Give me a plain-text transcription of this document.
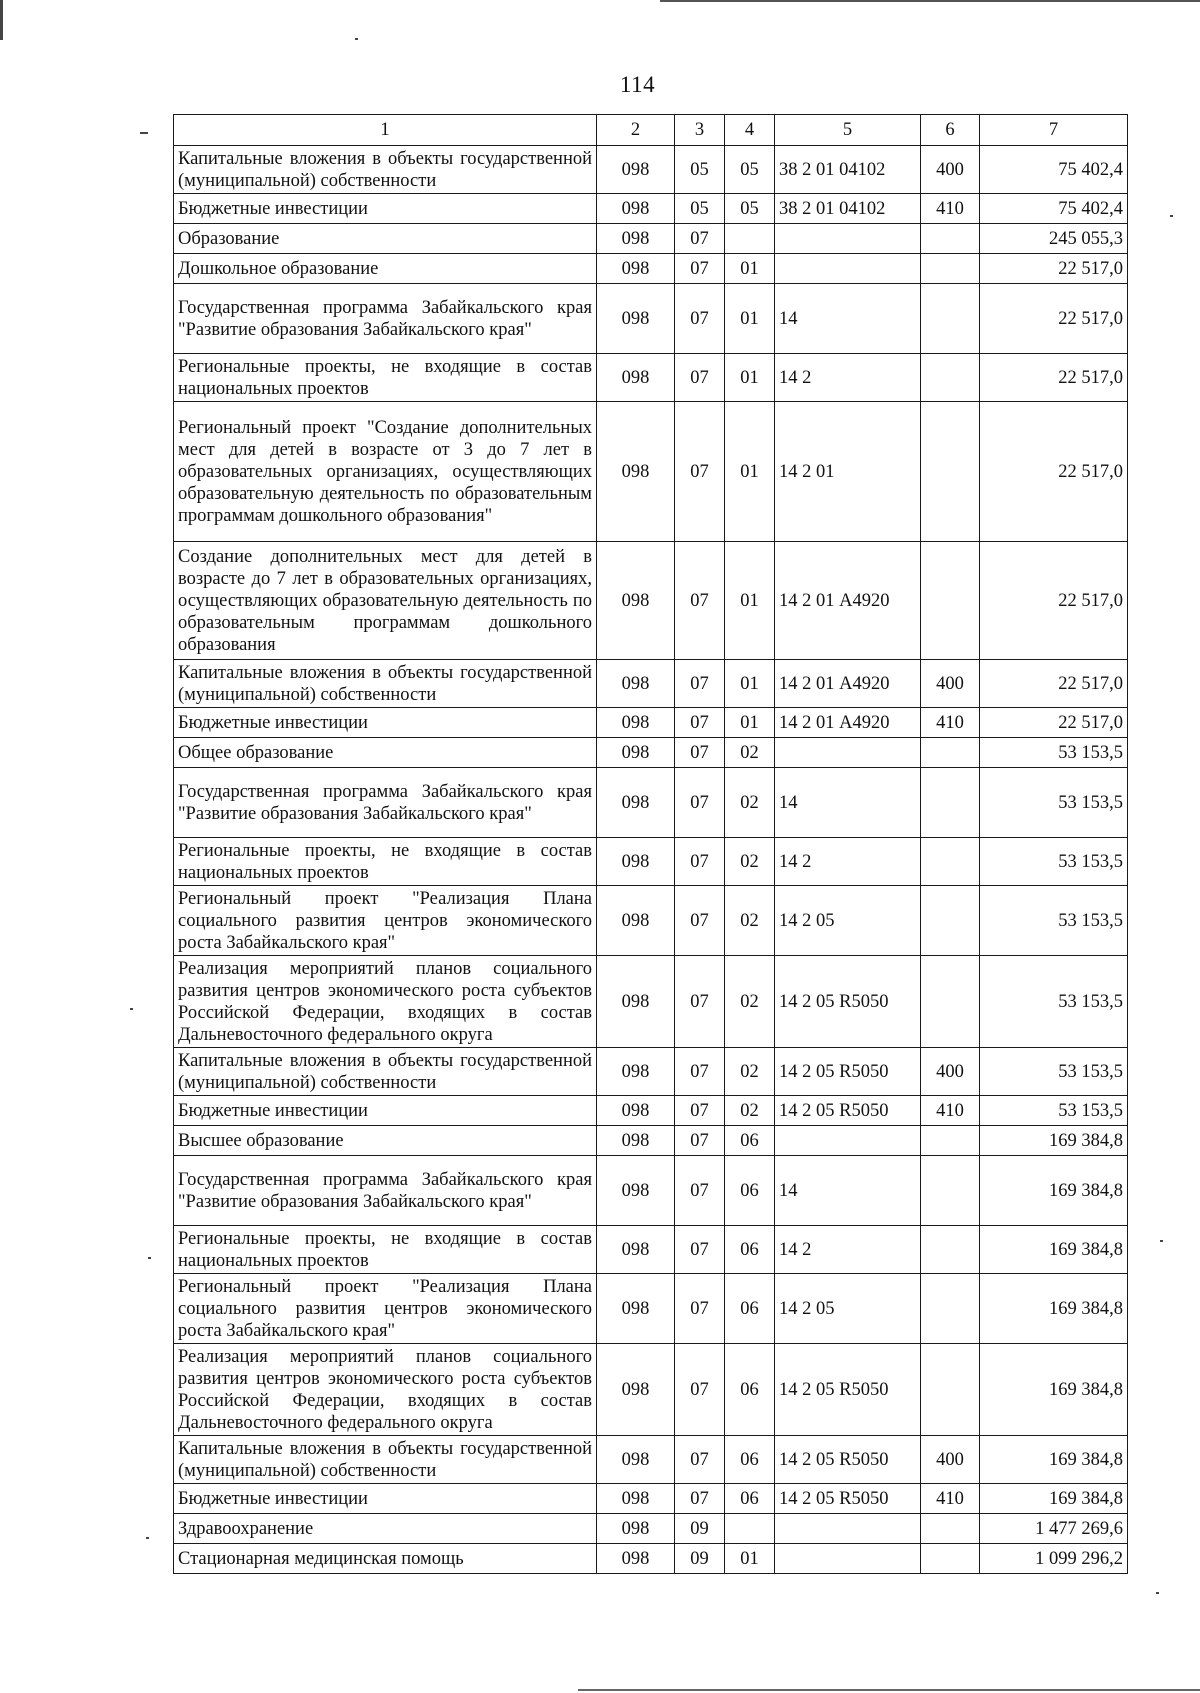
114
1	2	3	4	5	6	7
Капитальные вложения в объекты государственной (муниципальной) собственности	098	05	05	38 2 01 04102	400	75 402,4
Бюджетные инвестиции	098	05	05	38 2 01 04102	410	75 402,4
Образование	098	07				245 055,3
Дошкольное образование	098	07	01			22 517,0
Государственная программа Забайкальского края "Развитие образования Забайкальского края"	098	07	01	14		22 517,0
Региональные проекты, не входящие в состав национальных проектов	098	07	01	14 2		22 517,0
Региональный проект "Создание дополнительных мест для детей в возрасте от 3 до 7 лет в образовательных организациях, осуществляющих образовательную деятельность по образовательным программам дошкольного образования"	098	07	01	14 2 01		22 517,0
Создание дополнительных мест для детей в возрасте до 7 лет в образовательных организациях, осуществляющих образовательную деятельность по образовательным программам дошкольного образования	098	07	01	14 2 01 А4920		22 517,0
Капитальные вложения в объекты государственной (муниципальной) собственности	098	07	01	14 2 01 А4920	400	22 517,0
Бюджетные инвестиции	098	07	01	14 2 01 А4920	410	22 517,0
Общее образование	098	07	02			53 153,5
Государственная программа Забайкальского края "Развитие образования Забайкальского края"	098	07	02	14		53 153,5
Региональные проекты, не входящие в состав национальных проектов	098	07	02	14 2		53 153,5
Региональный проект "Реализация Плана социального развития центров экономического роста Забайкальского края"	098	07	02	14 2 05		53 153,5
Реализация мероприятий планов социального развития центров экономического роста субъектов Российской Федерации, входящих в состав Дальневосточного федерального округа	098	07	02	14 2 05 R5050		53 153,5
Капитальные вложения в объекты государственной (муниципальной) собственности	098	07	02	14 2 05 R5050	400	53 153,5
Бюджетные инвестиции	098	07	02	14 2 05 R5050	410	53 153,5
Высшее образование	098	07	06			169 384,8
Государственная программа Забайкальского края "Развитие образования Забайкальского края"	098	07	06	14		169 384,8
Региональные проекты, не входящие в состав национальных проектов	098	07	06	14 2		169 384,8
Региональный проект "Реализация Плана социального развития центров экономического роста Забайкальского края"	098	07	06	14 2 05		169 384,8
Реализация мероприятий планов социального развития центров экономического роста субъектов Российской Федерации, входящих в состав Дальневосточного федерального округа	098	07	06	14 2 05 R5050		169 384,8
Капитальные вложения в объекты государственной (муниципальной) собственности	098	07	06	14 2 05 R5050	400	169 384,8
Бюджетные инвестиции	098	07	06	14 2 05 R5050	410	169 384,8
Здравоохранение	098	09				1 477 269,6
Стационарная медицинская помощь	098	09	01			1 099 296,2
